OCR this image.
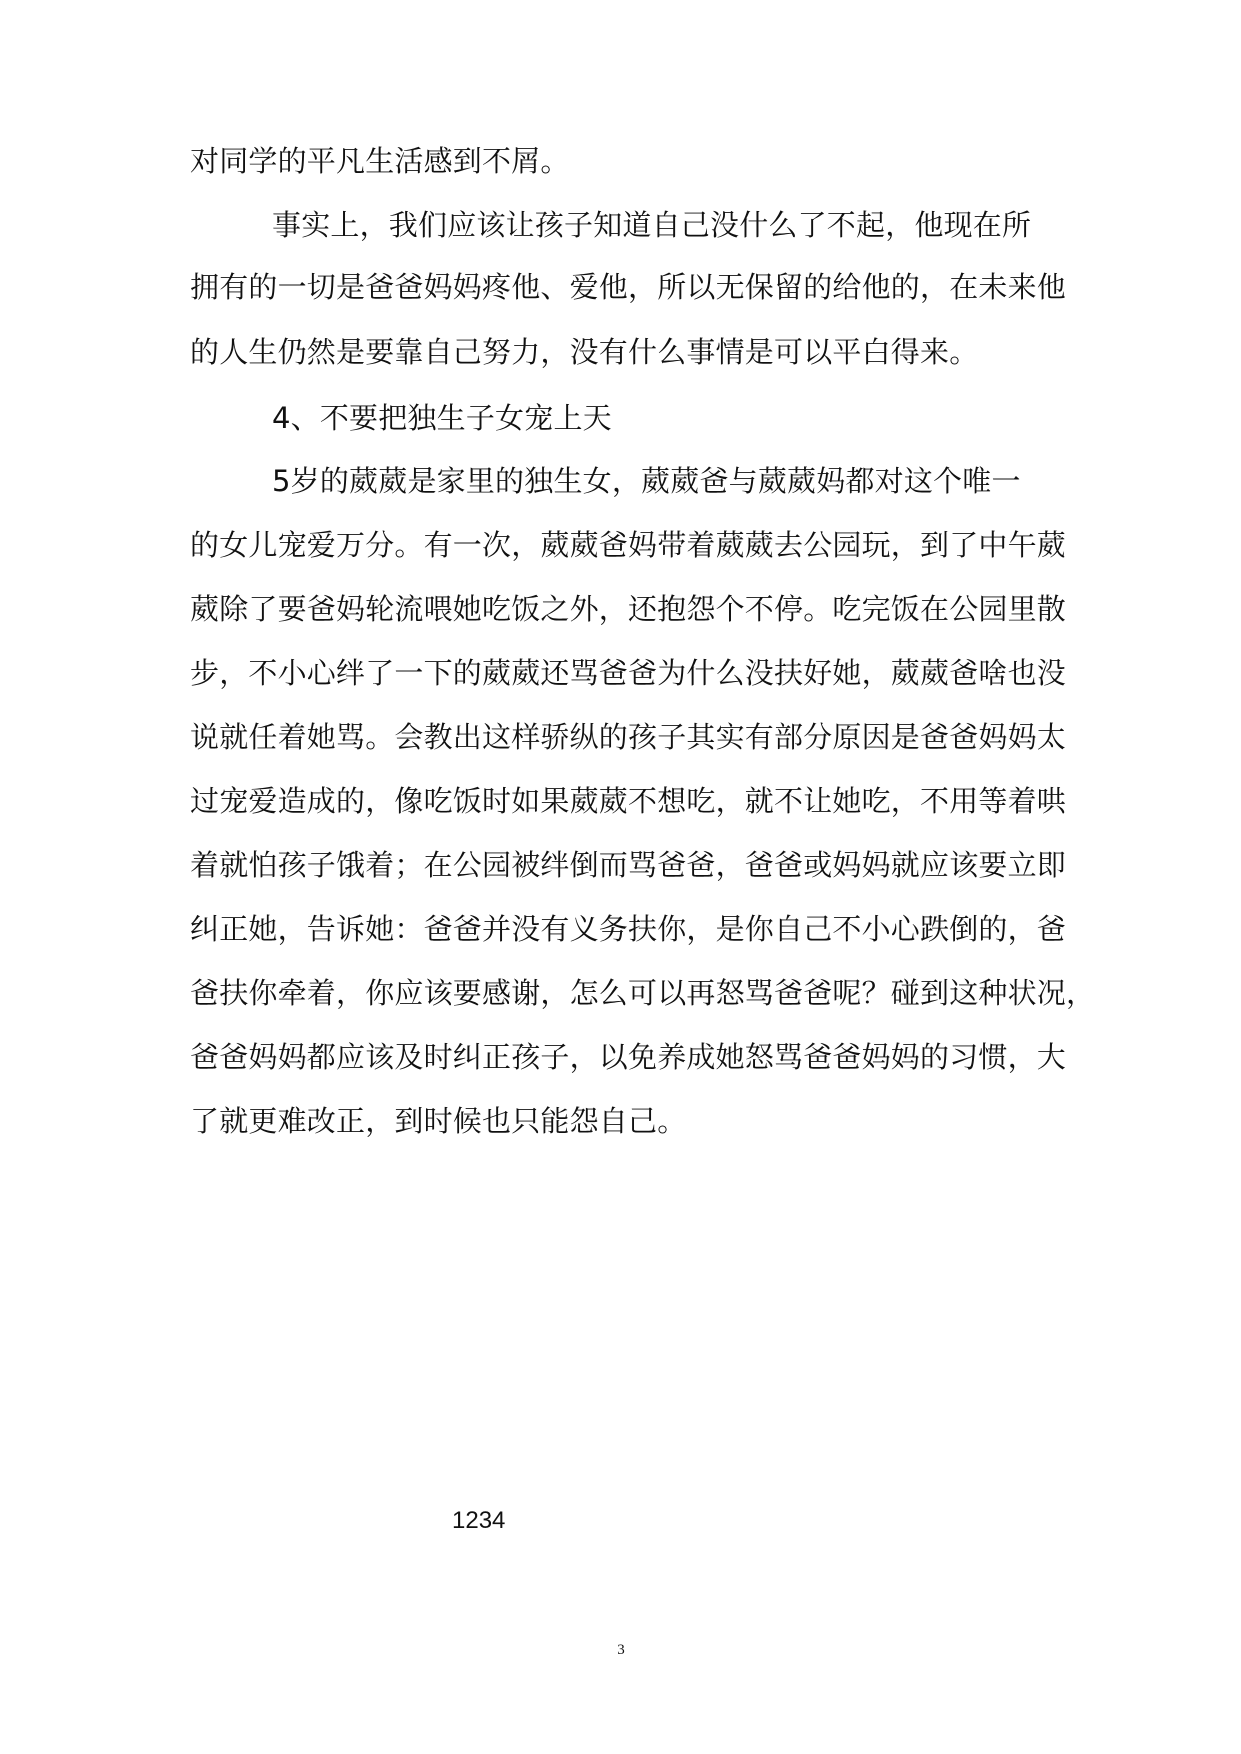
对同学的平凡生活感到不屑。
事实上，我们应该让孩子知道自己没什么了不起，他现在所
拥有的一切是爸爸妈妈疼他、爱他，所以无保留的给他的，在未来他
的人生仍然是要靠自己努力，没有什么事情是可以平白得来。
4、不要把独生子女宠上天
5岁的葳葳是家里的独生女，葳葳爸与葳葳妈都对这个唯一
的女儿宠爱万分。有一次，葳葳爸妈带着葳葳去公园玩，到了中午葳
葳除了要爸妈轮流喂她吃饭之外，还抱怨个不停。吃完饭在公园里散
步，不小心绊了一下的葳葳还骂爸爸为什么没扶好她，葳葳爸啥也没
说就任着她骂。会教出这样骄纵的孩子其实有部分原因是爸爸妈妈太
过宠爱造成的，像吃饭时如果葳葳不想吃，就不让她吃，不用等着哄
着就怕孩子饿着；在公园被绊倒而骂爸爸，爸爸或妈妈就应该要立即
纠正她，告诉她：爸爸并没有义务扶你，是你自己不小心跌倒的，爸
爸扶你牵着，你应该要感谢，怎么可以再怒骂爸爸呢？碰到这种状况，
爸爸妈妈都应该及时纠正孩子，以免养成她怒骂爸爸妈妈的习惯，大
了就更难改正，到时候也只能怨自己。
1234
3
